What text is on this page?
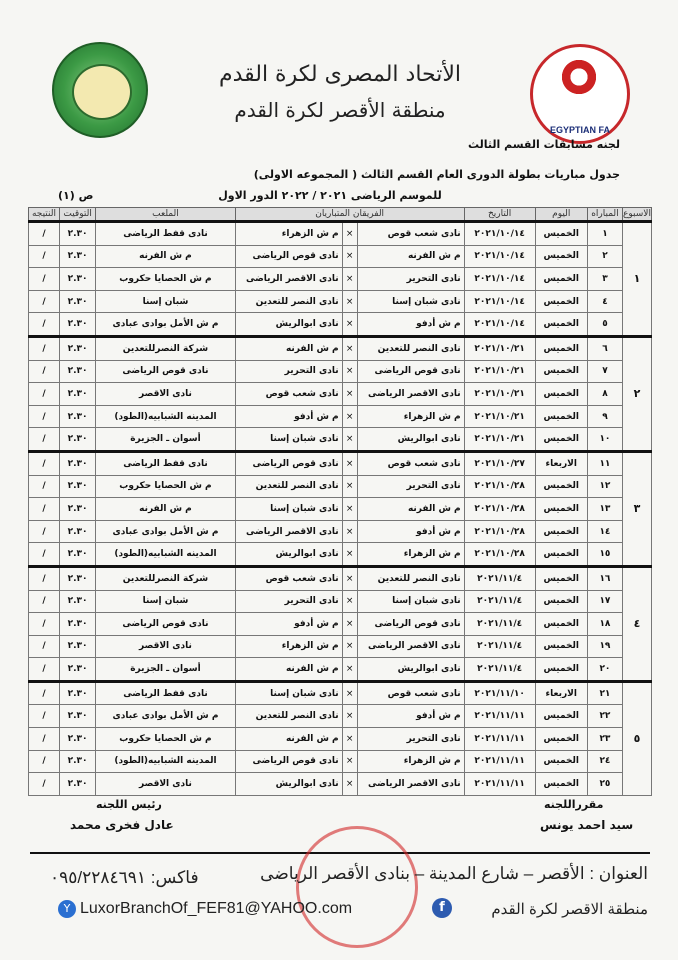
EGYPTIAN FA
الأتحاد المصرى لكرة القدم
منطقة الأقصر لكرة القدم
لجنه مسابقات القسم الثالث
جدول مباريات بطولة الدورى العام القسم الثالث ( المجموعه الاولى)
للموسم الرياضى ٢٠٢١ / ٢٠٢٢ الدور الاول
ص (١)
الاسبوع	المباراه	اليوم	التاريخ	الفريقان المتباريان			الملعب	التوقيت	النتيجه
١	١	الخميس	٢٠٢١/١٠/١٤	نادى شعب قوص	×	م ش الزهراء	نادى قفط الرياضى	٢.٣٠	/
	٢	الخميس	٢٠٢١/١٠/١٤	م ش الفرنه	×	نادى قوص الرياضى	م ش الفرنه	٢.٣٠	/
	٣	الخميس	٢٠٢١/١٠/١٤	نادى التحرير	×	نادى الاقصر الرياضى	م ش الحصايا حكروب	٢.٣٠	/
	٤	الخميس	٢٠٢١/١٠/١٤	نادى شبان إسنا	×	نادى النصر للتعدين	شبان إسنا	٢.٣٠	/
	٥	الخميس	٢٠٢١/١٠/١٤	م ش أدفو	×	نادى ابوالريش	م ش الأمل بوادى عبادى	٢.٣٠	/
٢	٦	الخميس	٢٠٢١/١٠/٢١	نادى النصر للتعدين	×	م ش الفرنه	شركة النصرللتعدين	٢.٣٠	/
	٧	الخميس	٢٠٢١/١٠/٢١	نادى قوص الرياضى	×	نادى التحرير	نادى قوص الرياضى	٢.٣٠	/
	٨	الخميس	٢٠٢١/١٠/٢١	نادى الاقصر الرياضى	×	نادى شعب قوص	نادى الاقصر	٢.٣٠	/
	٩	الخميس	٢٠٢١/١٠/٢١	م ش الزهراء	×	م ش أدفو	المدينه الشبابيه(الطود)	٢.٣٠	/
	١٠	الخميس	٢٠٢١/١٠/٢١	نادى ابوالريش	×	نادى شبان إسنا	أسوان ـ الجزيرة	٢.٣٠	/
٣	١١	الاربعاء	٢٠٢١/١٠/٢٧	نادى شعب قوص	×	نادى قوص الرياضى	نادى قفط الرياضى	٢.٣٠	/
	١٢	الخميس	٢٠٢١/١٠/٢٨	نادى التحرير	×	نادى النصر للتعدين	م ش الحصايا حكروب	٢.٣٠	/
	١٣	الخميس	٢٠٢١/١٠/٢٨	م ش الفرنه	×	نادى شبان إسنا	م ش الفرنه	٢.٣٠	/
	١٤	الخميس	٢٠٢١/١٠/٢٨	م ش أدفو	×	نادى الاقصر الرياضى	م ش الأمل بوادى عبادى	٢.٣٠	/
	١٥	الخميس	٢٠٢١/١٠/٢٨	م ش الزهراء	×	نادى ابوالريش	المدينه الشبابيه(الطود)	٢.٣٠	/
٤	١٦	الخميس	٢٠٢١/١١/٤	نادى النصر للتعدين	×	نادى شعب قوص	شركة النصرللتعدين	٢.٣٠	/
	١٧	الخميس	٢٠٢١/١١/٤	نادى شبان إسنا	×	نادى التحرير	شبان إسنا	٢.٣٠	/
	١٨	الخميس	٢٠٢١/١١/٤	نادى قوص الرياضى	×	م ش أدفو	نادى قوص الرياضى	٢.٣٠	/
	١٩	الخميس	٢٠٢١/١١/٤	نادى الاقصر الرياضى	×	م ش الزهراء	نادى الاقصر	٢.٣٠	/
	٢٠	الخميس	٢٠٢١/١١/٤	نادى ابوالريش	×	م ش الفرنه	أسوان ـ الجزيرة	٢.٣٠	/
٥	٢١	الاربعاء	٢٠٢١/١١/١٠	نادى شعب قوص	×	نادى شبان إسنا	نادى قفط الرياضى	٢.٣٠	/
	٢٢	الخميس	٢٠٢١/١١/١١	م ش أدفو	×	نادى النصر للتعدين	م ش الأمل بوادى عبادى	٢.٣٠	/
	٢٣	الخميس	٢٠٢١/١١/١١	نادى التحرير	×	م ش الفرنه	م ش الحصايا حكروب	٢.٣٠	/
	٢٤	الخميس	٢٠٢١/١١/١١	م ش الزهراء	×	نادى قوص الرياضى	المدينه الشبابيه(الطود)	٢.٣٠	/
	٢٥	الخميس	٢٠٢١/١١/١١	نادى الاقصر الرياضى	×	نادى ابوالريش	نادى الاقصر	٢.٣٠	/
رئيس اللجنه
عادل فخرى محمد
مقرراللجنه
سيد احمد يونس
العنوان : الأقصر – شارع المدينة – بنادى الأقصر الرياضى
فاكس: ٠٩٥/٢٢٨٤٦٩١
Y LuxorBranchOf_FEF81@YAHOO.com	f	منطقة الاقصر لكرة القدم
